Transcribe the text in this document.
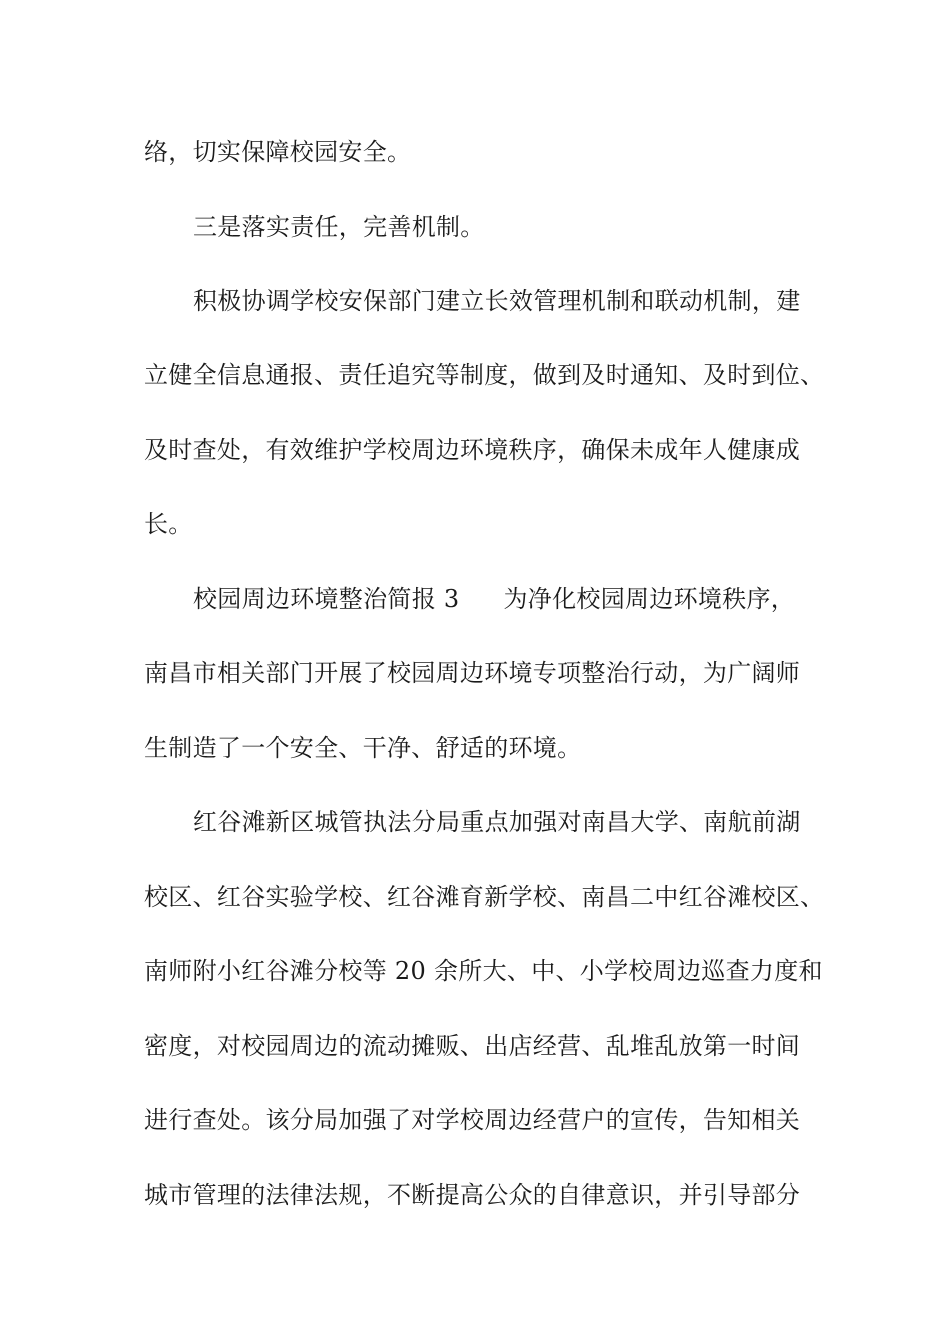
络，切实保障校园安全。
三是落实责任，完善机制。
积极协调学校安保部门建立长效管理机制和联动机制，建
立健全信息通报、责任追究等制度，做到及时通知、及时到位、
及时查处，有效维护学校周边环境秩序，确保未成年人健康成
长。
校园周边环境整治简报 3 为净化校园周边环境秩序，
南昌市相关部门开展了校园周边环境专项整治行动，为广阔师
生制造了一个安全、干净、舒适的环境。
红谷滩新区城管执法分局重点加强对南昌大学、南航前湖
校区、红谷实验学校、红谷滩育新学校、南昌二中红谷滩校区、
南师附小红谷滩分校等 20 余所大、中、小学校周边巡查力度和
密度，对校园周边的流动摊贩、出店经营、乱堆乱放第一时间
进行查处。该分局加强了对学校周边经营户的宣传，告知相关
城市管理的法律法规，不断提高公众的自律意识，并引导部分
